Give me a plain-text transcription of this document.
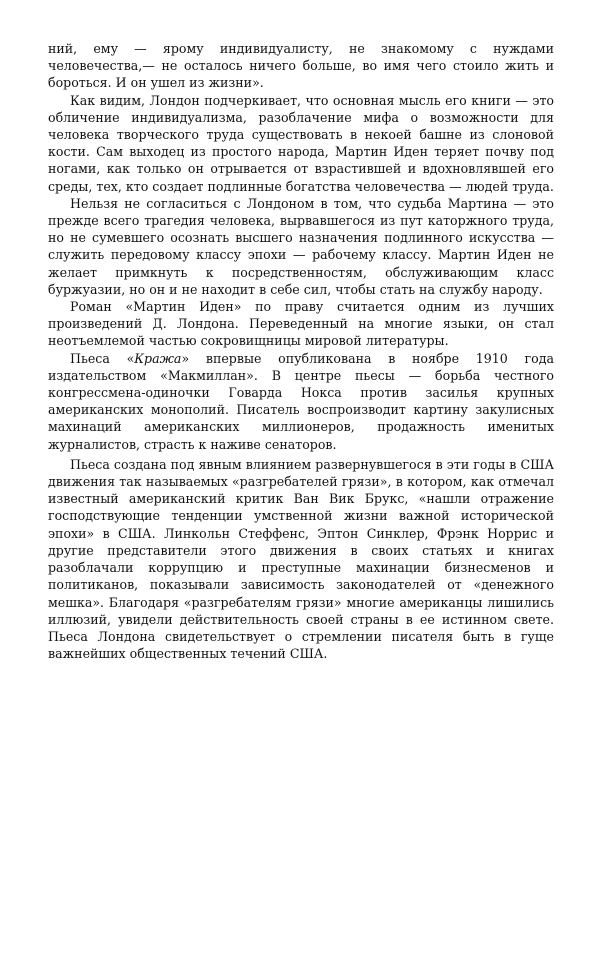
ний, ему — ярому индивидуалисту, не знакомому с нуждами человечества,— не осталось ничего больше, во имя чего стоило жить и бороться. И он ушел из жизни».

Как видим, Лондон подчеркивает, что основная мысль его книги — это обличение индивидуализма, разоблачение мифа о возможности для человека творческого труда существовать в некоей башне из слоновой кости. Сам выходец из простого народа, Мартин Иден теряет почву под ногами, как только он отрывается от взрастившей и вдохновлявшей его среды, тех, кто создает подлинные богатства человечества — людей труда.

Нельзя не согласиться с Лондоном в том, что судьба Мартина — это прежде всего трагедия человека, вырвавшегося из пут каторжного труда, но не сумевшего осознать высшего назначения подлинного искусства — служить передовому классу эпохи — рабочему классу. Мартин Иден не желает примкнуть к посредственностям, обслуживающим класс буржуазии, но он и не находит в себе сил, чтобы стать на службу народу.

Роман «Мартин Иден» по праву считается одним из лучших произведений Д. Лондона. Переведенный на многие языки, он стал неотъемлемой частью сокровищницы мировой литературы.

Пьеса «Кража» впервые опубликована в ноябре 1910 года издательством «Макмиллан». В центре пьесы — борьба честного конгрессмена-одиночки Говарда Нокса против засилья крупных американских монополий. Писатель воспроизводит картину закулисных махинаций американских миллионеров, продажность именитых журналистов, страсть к наживе сенаторов.

Пьеса создана под явным влиянием развернувшегося в эти годы в США движения так называемых «разгребателей грязи», в котором, как отмечал известный американский критик Ван Вик Брукс, «нашли отражение господствующие тенденции умственной жизни важной исторической эпохи» в США. Линкольн Стеффенс, Эптон Синклер, Фрэнк Норрис и другие представители этого движения в своих статьях и книгах разоблачали коррупцию и преступные махинации бизнесменов и политиканов, показывали зависимость законодателей от «денежного мешка». Благодаря «разгребателям грязи» многие американцы лишились иллюзий, увидели действительность своей страны в ее истинном свете. Пьеса Лондона свидетельствует о стремлении писателя быть в гуще важнейших общественных течений США.
